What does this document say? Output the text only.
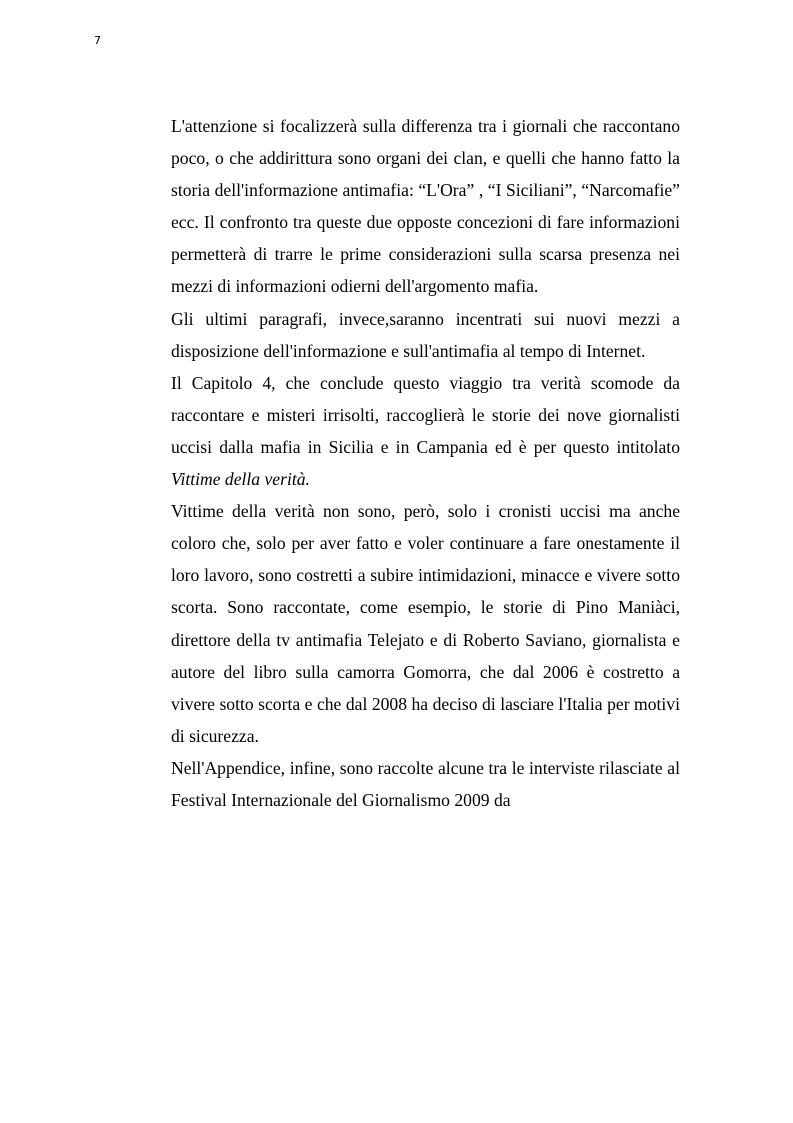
7

L'attenzione si focalizzerà sulla differenza tra i giornali che raccontano poco, o che addirittura sono organi dei clan, e quelli che hanno fatto la storia dell'informazione antimafia: “L'Ora” , “I Siciliani”, “Narcomafie” ecc. Il confronto tra queste due opposte concezioni di fare informazioni permetterà di trarre le prime considerazioni sulla scarsa presenza nei mezzi di informazioni odierni dell'argomento mafia.

Gli ultimi paragrafi, invece,saranno incentrati sui nuovi mezzi a disposizione dell'informazione e sull'antimafia al tempo di Internet.

Il Capitolo 4, che conclude questo viaggio tra verità scomode da raccontare e misteri irrisolti, raccoglierà le storie dei nove giornalisti uccisi dalla mafia in Sicilia e in Campania ed è per questo intitolato Vittime della verità.

Vittime della verità non sono, però, solo i cronisti uccisi ma anche coloro che, solo per aver fatto e voler continuare a fare onestamente il loro lavoro, sono costretti a subire intimidazioni, minacce e vivere sotto scorta. Sono raccontate, come esempio, le storie di Pino Maniàci, direttore della tv antimafia Telejato e di Roberto Saviano, giornalista e autore del libro sulla camorra Gomorra, che dal 2006 è costretto a vivere sotto scorta e che dal 2008 ha deciso di lasciare l'Italia per motivi di sicurezza.

Nell'Appendice, infine, sono raccolte alcune tra le interviste rilasciate al Festival Internazionale del Giornalismo 2009 da
